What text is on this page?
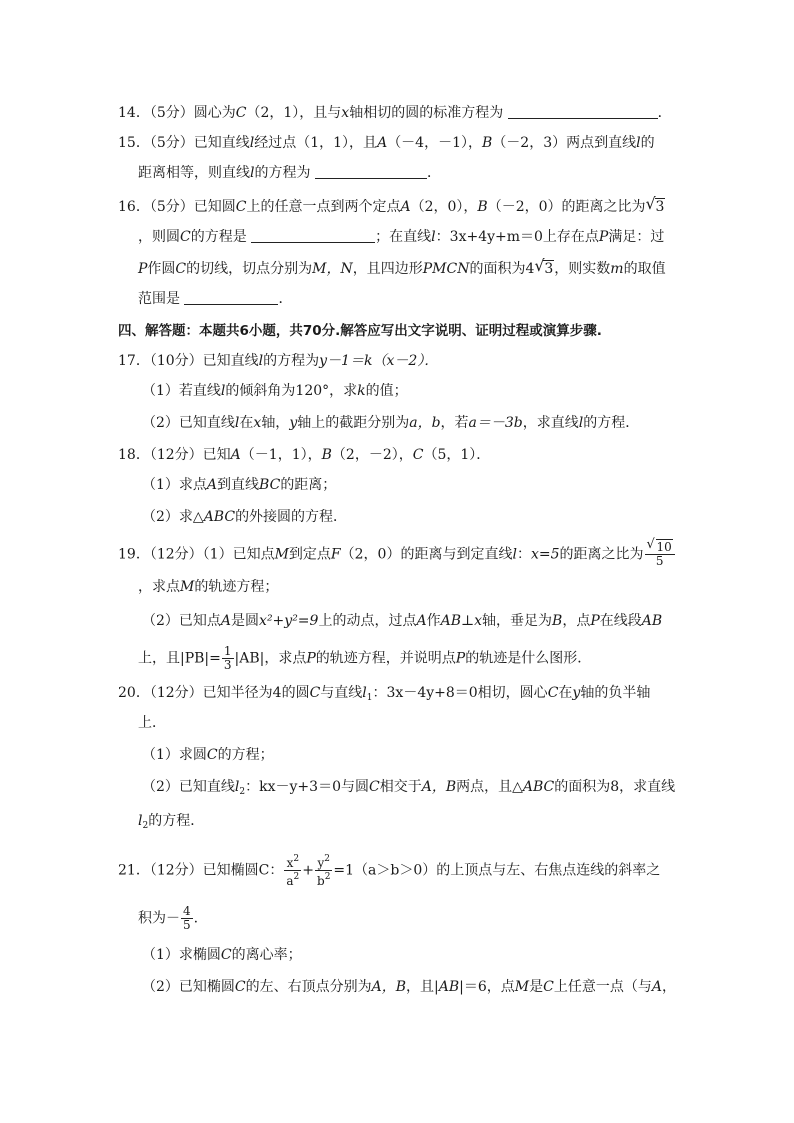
14．（5分）圆心为C（2，1），且与x轴相切的圆的标准方程为	．
15．（5分）已知直线l经过点（1，1），且A（－4，－1），B（－2，3）两点到直线l的
距离相等，则直线l的方程为	．
16．（5分）已知圆C上的任意一点到两个定点A（2，0），B（－2，0）的距离之比为 √ 3
，则圆C的方程是	；在直线l：3x+4y+m＝0上存在点P满足：过
P作圆C的切线，切点分别为M，N，且四边形PMCN的面积为4 √ 3，则实数m的取值
范围是	．
四、解答题：本题共6小题，共70分.解答应写出文字说明、证明过程或演算步骤.
17．（10分）已知直线l的方程为y－1＝k（x－2）．
（1）若直线l的倾斜角为120°，求k的值；
（2）已知直线l在x轴，y轴上的截距分别为a，b，若a＝－3b，求直线l的方程．
18．（12分）已知A（－1，1），B（2，－2），C（5，1）．
（1）求点A到直线BC的距离；
（2）求△ABC的外接圆的方程．
19．（12分）（1）已知点M到定点F（2，0）的距离与到定直线l：x=5的距离之比为 $\frac{√ 10}{5}$
，求点M的轨迹方程；
（2）已知点A是圆x²+y²=9上的动点，过点A作AB⊥x轴，垂足为B，点P在线段AB
上，且$|PB|= \frac{1}{3} |AB|$，求点P的轨迹方程，并说明点P的轨迹是什么图形．
20．（12分）已知半径为4的圆C与直线$l_1$：3x－4y+8＝0相切，圆心C在y轴的负半轴
上．
（1）求圆C的方程；
（2）已知直线$l_2$：kx－y+3＝0与圆C相交于A，B两点，且△ABC的面积为8，求直线
$l_2$的方程．
21．（12分）已知椭圆C： $\frac{x^2}{a^2} + \frac{y^2}{b^2} =1(a>b>0)$的上顶点与左、右焦点连线的斜率之
积为－ $\frac{4}{5}$ .
（1）求椭圆C的离心率；
（2）已知椭圆C的左、右顶点分别为A，B，且|AB|＝6，点M是C上任意一点（与A，
